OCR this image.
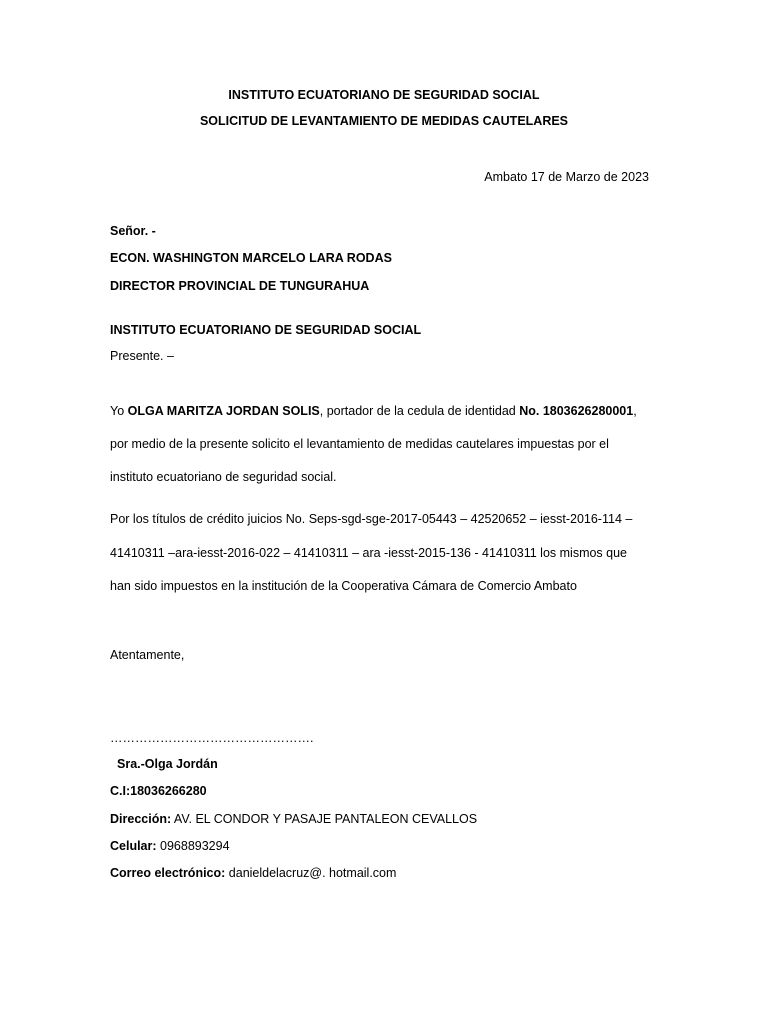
INSTITUTO ECUATORIANO DE SEGURIDAD SOCIAL
SOLICITUD DE LEVANTAMIENTO DE MEDIDAS CAUTELARES
Ambato 17 de Marzo de 2023
Señor. -
ECON. WASHINGTON MARCELO LARA RODAS
DIRECTOR PROVINCIAL DE TUNGURAHUA
INSTITUTO ECUATORIANO DE SEGURIDAD SOCIAL
Presente. –
Yo OLGA MARITZA JORDAN SOLIS, portador de la cedula de identidad No. 1803626280001,
por medio de la presente solicito el levantamiento de medidas cautelares impuestas por el
instituto ecuatoriano de seguridad social.
Por los títulos de crédito juicios No. Seps-sgd-sge-2017-05443 – 42520652 – iesst-2016-114 –
41410311 –ara-iesst-2016-022 – 41410311 – ara -iesst-2015-136 - 41410311 los mismos que
han sido impuestos en la institución de la Cooperativa Cámara de Comercio Ambato
Atentamente,
………………………………………….
Sra.-Olga Jordán
C.I:18036266280
Dirección: AV. EL CONDOR Y PASAJE PANTALEON CEVALLOS
Celular: 0968893294
Correo electrónico: danieldelacruz@. hotmail.com
